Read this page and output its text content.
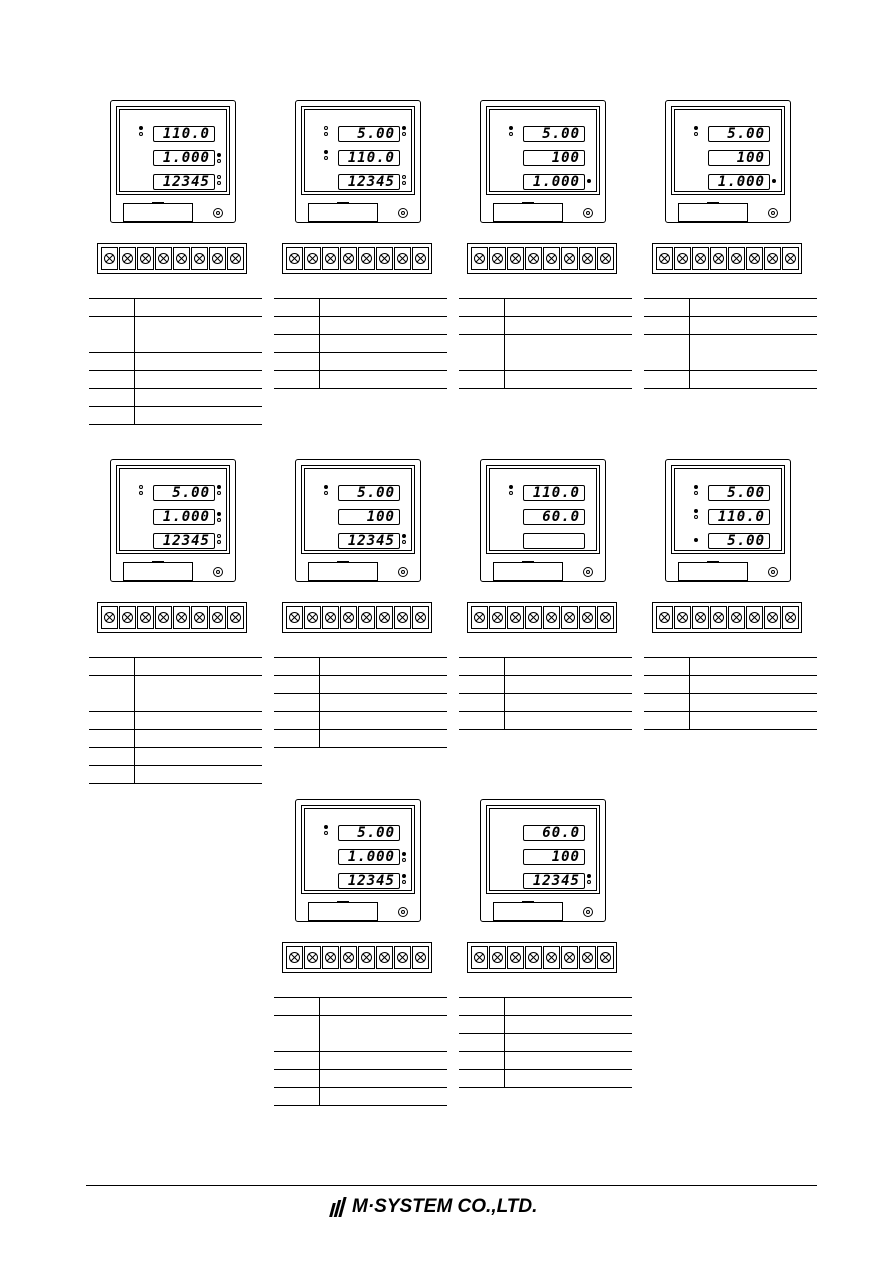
110.0
1.000
12345
5.00
110.0
12345
5.00
100
1.000
5.00
100
1.000
5.00
1.000
12345
5.00
100
12345
110.0
60.0
5.00
110.0
5.00
5.00
1.000
12345
60.0
100
12345
M·SYSTEM CO.,LTD.
